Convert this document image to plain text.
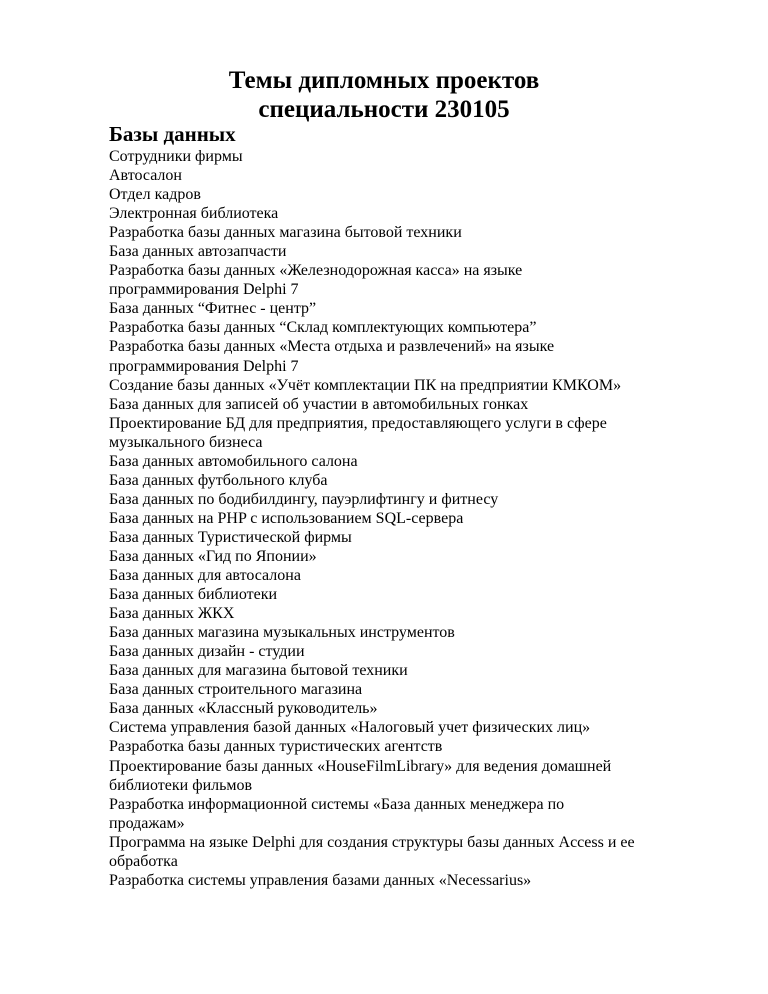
Темы дипломных проектов
специальности 230105
Базы данных
Сотрудники фирмы
Автосалон
Отдел кадров
Электронная библиотека
Разработка базы данных магазина бытовой техники
База данных автозапчасти
Разработка базы данных «Железнодорожная касса» на языке
программирования Delphi 7
База данных “Фитнес - центр”
Разработка базы данных “Склад комплектующих компьютера”
Разработка базы данных «Места отдыха и развлечений» на языке
программирования Delphi 7
Создание базы данных «Учёт комплектации ПК на предприятии КМКОМ»
База данных для записей об участии в автомобильных гонках
Проектирование БД для предприятия, предоставляющего услуги в сфере
музыкального бизнеса
База данных автомобильного салона
База данных футбольного клуба
База данных по бодибилдингу, пауэрлифтингу и фитнесу
База данных на PHP с использованием SQL-сервера
База данных Туристической фирмы
База данных «Гид по Японии»
База данных для автосалона
База данных библиотеки
База данных ЖКХ
База данных магазина музыкальных инструментов
База данных дизайн - студии
База данных для магазина бытовой техники
База данных строительного магазина
База данных «Классный руководитель»
Система управления базой данных «Налоговый учет физических лиц»
Разработка базы данных туристических агентств
Проектирование базы данных «HouseFilmLibrary» для ведения домашней
библиотеки фильмов
Разработка информационной системы «База данных менеджера по
продажам»
Программа на языке Delphi для создания структуры базы данных Access и ее
обработка
Разработка системы управления базами данных «Necessarius»
